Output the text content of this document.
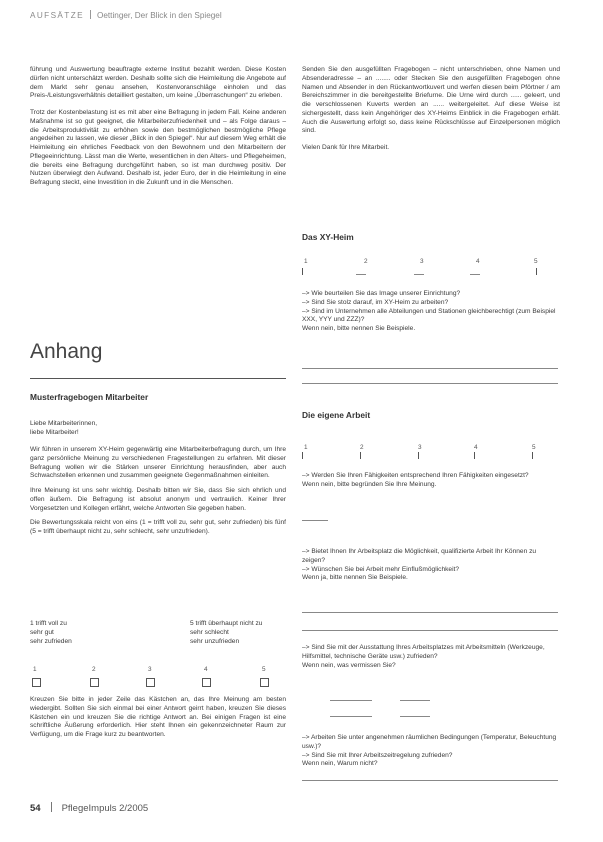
AUFSÄTZE Oettinger, Der Blick in den Spiegel

führung und Auswertung beauftragte externe Institut bezahlt werden. Diese Kosten dürfen nicht unterschätzt werden. Deshalb sollte sich die Heimleitung die Angebote auf dem Markt sehr genau ansehen, Kostenvoranschläge einholen und das Preis-/Leistungsverhältnis detailliert gestalten, um keine „Überraschungen“ zu erleben.

Trotz der Kostenbelastung ist es mit aber eine Befragung in jedem Fall. Keine anderen Maßnahme ist so gut geeignet, die Mitarbeiterzufriedenheit und – als Folge daraus – die Arbeitsproduktivität zu erhöhen sowie den bestmöglichen bestmögliche Pflege angedeihen zu lassen, wie dieser „Blick in den Spiegel“. Nur auf diesem Weg erhält die Heimleitung ein ehrliches Feedback von den Bewohnern und den Mitarbeitern der Pflegeeinrichtung. Lässt man die Werte, wesentlichen in den Alters- und Pflegeheimen, die bereits eine Befragung durchgeführt haben, so ist man durchweg positiv. Der Nutzen überwiegt den Aufwand. Deshalb ist, jeder Euro, der in die Heimleitung in eine Befragung steckt, eine Investition in die Zukunft und in die Menschen.

Senden Sie den ausgefüllten Fragebogen – nicht unterschrieben, ohne Namen und Absenderadresse – an ........ oder Stecken Sie den ausgefüllten Fragebogen ohne Namen und Absender in den Rückantwortkuvert und werfen diesen beim Pförtner / am Bereichszimmer in die bereitgestellte Briefurne. Die Urne wird durch ...... geleert, und die verschlossenen Kuverts werden an ...... weitergeleitet. Auf diese Weise ist sichergestellt, dass kein Angehöriger des XY-Heims Einblick in die Fragebogen erhält. Auch die Auswertung erfolgt so, dass keine Rückschlüsse auf Einzelpersonen möglich sind.

Vielen Dank für Ihre Mitarbeit.

Das XY-Heim
1	2	3	4	5
–> Wie beurteilen Sie das Image unserer Einrichtung?
–> Sind Sie stolz darauf, im XY-Heim zu arbeiten?
–> Sind im Unternehmen alle Abteilungen und Stationen gleichberechtigt (zum Beispiel XXX, YYY und ZZZ)?
Wenn nein, bitte nennen Sie Beispiele.
Die eigene Arbeit
1	2	3	4	5
–> Werden Sie Ihren Fähigkeiten entsprechend Ihren Fähigkeiten eingesetzt?
Wenn nein, bitte begründen Sie Ihre Meinung.
–> Bietet Ihnen Ihr Arbeitsplatz die Möglichkeit, qualifizierte Arbeit Ihr Können zu zeigen?
–> Wünschen Sie bei Arbeit mehr Einflußmöglichkeit?
Wenn ja, bitte nennen Sie Beispiele.
–> Sind Sie mit der Ausstattung Ihres Arbeitsplatzes mit Arbeitsmitteln (Werkzeuge, Hilfsmittel, technische Geräte usw.) zufrieden?
Wenn nein, was vermissen Sie?
–> Arbeiten Sie unter angenehmen räumlichen Bedingungen (Temperatur, Beleuchtung usw.)?
–> Sind Sie mit Ihrer Arbeitszeitregelung zufrieden?
Wenn nein, Warum nicht?
Anhang
Musterfragebogen Mitarbeiter
Liebe Mitarbeiterinnen,
liebe Mitarbeiter!

Wir führen in unserem XY-Heim gegenwärtig eine Mitarbeiterbefragung durch, um Ihre ganz persönliche Meinung zu verschiedenen Fragestellungen zu erfahren. Mit dieser Befragung wollen wir die Stärken unserer Einrichtung herausfinden, aber auch Schwachstellen erkennen und zusammen geeignete Gegenmaßnahmen einleiten.

Ihre Meinung ist uns sehr wichtig. Deshalb bitten wir Sie, dass Sie sich ehrlich und offen äußern. Die Befragung ist absolut anonym und vertraulich. Keiner Ihrer Vorgesetzten und Kollegen erfährt, welche Antworten Sie gegeben haben.

Die Bewertungsskala reicht von eins (1 = trifft voll zu, sehr gut, sehr zufrieden) bis fünf (5 = trifft überhaupt nicht zu, sehr schlecht, sehr unzufrieden).

1 trifft voll zu
sehr gut
sehr zufrieden
5 trifft überhaupt nicht zu
sehr schlecht
sehr unzufrieden
1	2	3	4	5

Kreuzen Sie bitte in jeder Zeile das Kästchen an, das Ihre Meinung am besten wiedergibt. Sollten Sie sich einmal bei einer Antwort geirrt haben, kreuzen Sie dieses Kästchen ein und kreuzen Sie die richtige Antwort an. Bei einigen Fragen ist eine schriftliche Äußerung erforderlich. Hier steht Ihnen ein gekennzeichneter Raum zur Verfügung, um die Frage kurz zu beantworten.

54 PflegeImpuls 2/2005
